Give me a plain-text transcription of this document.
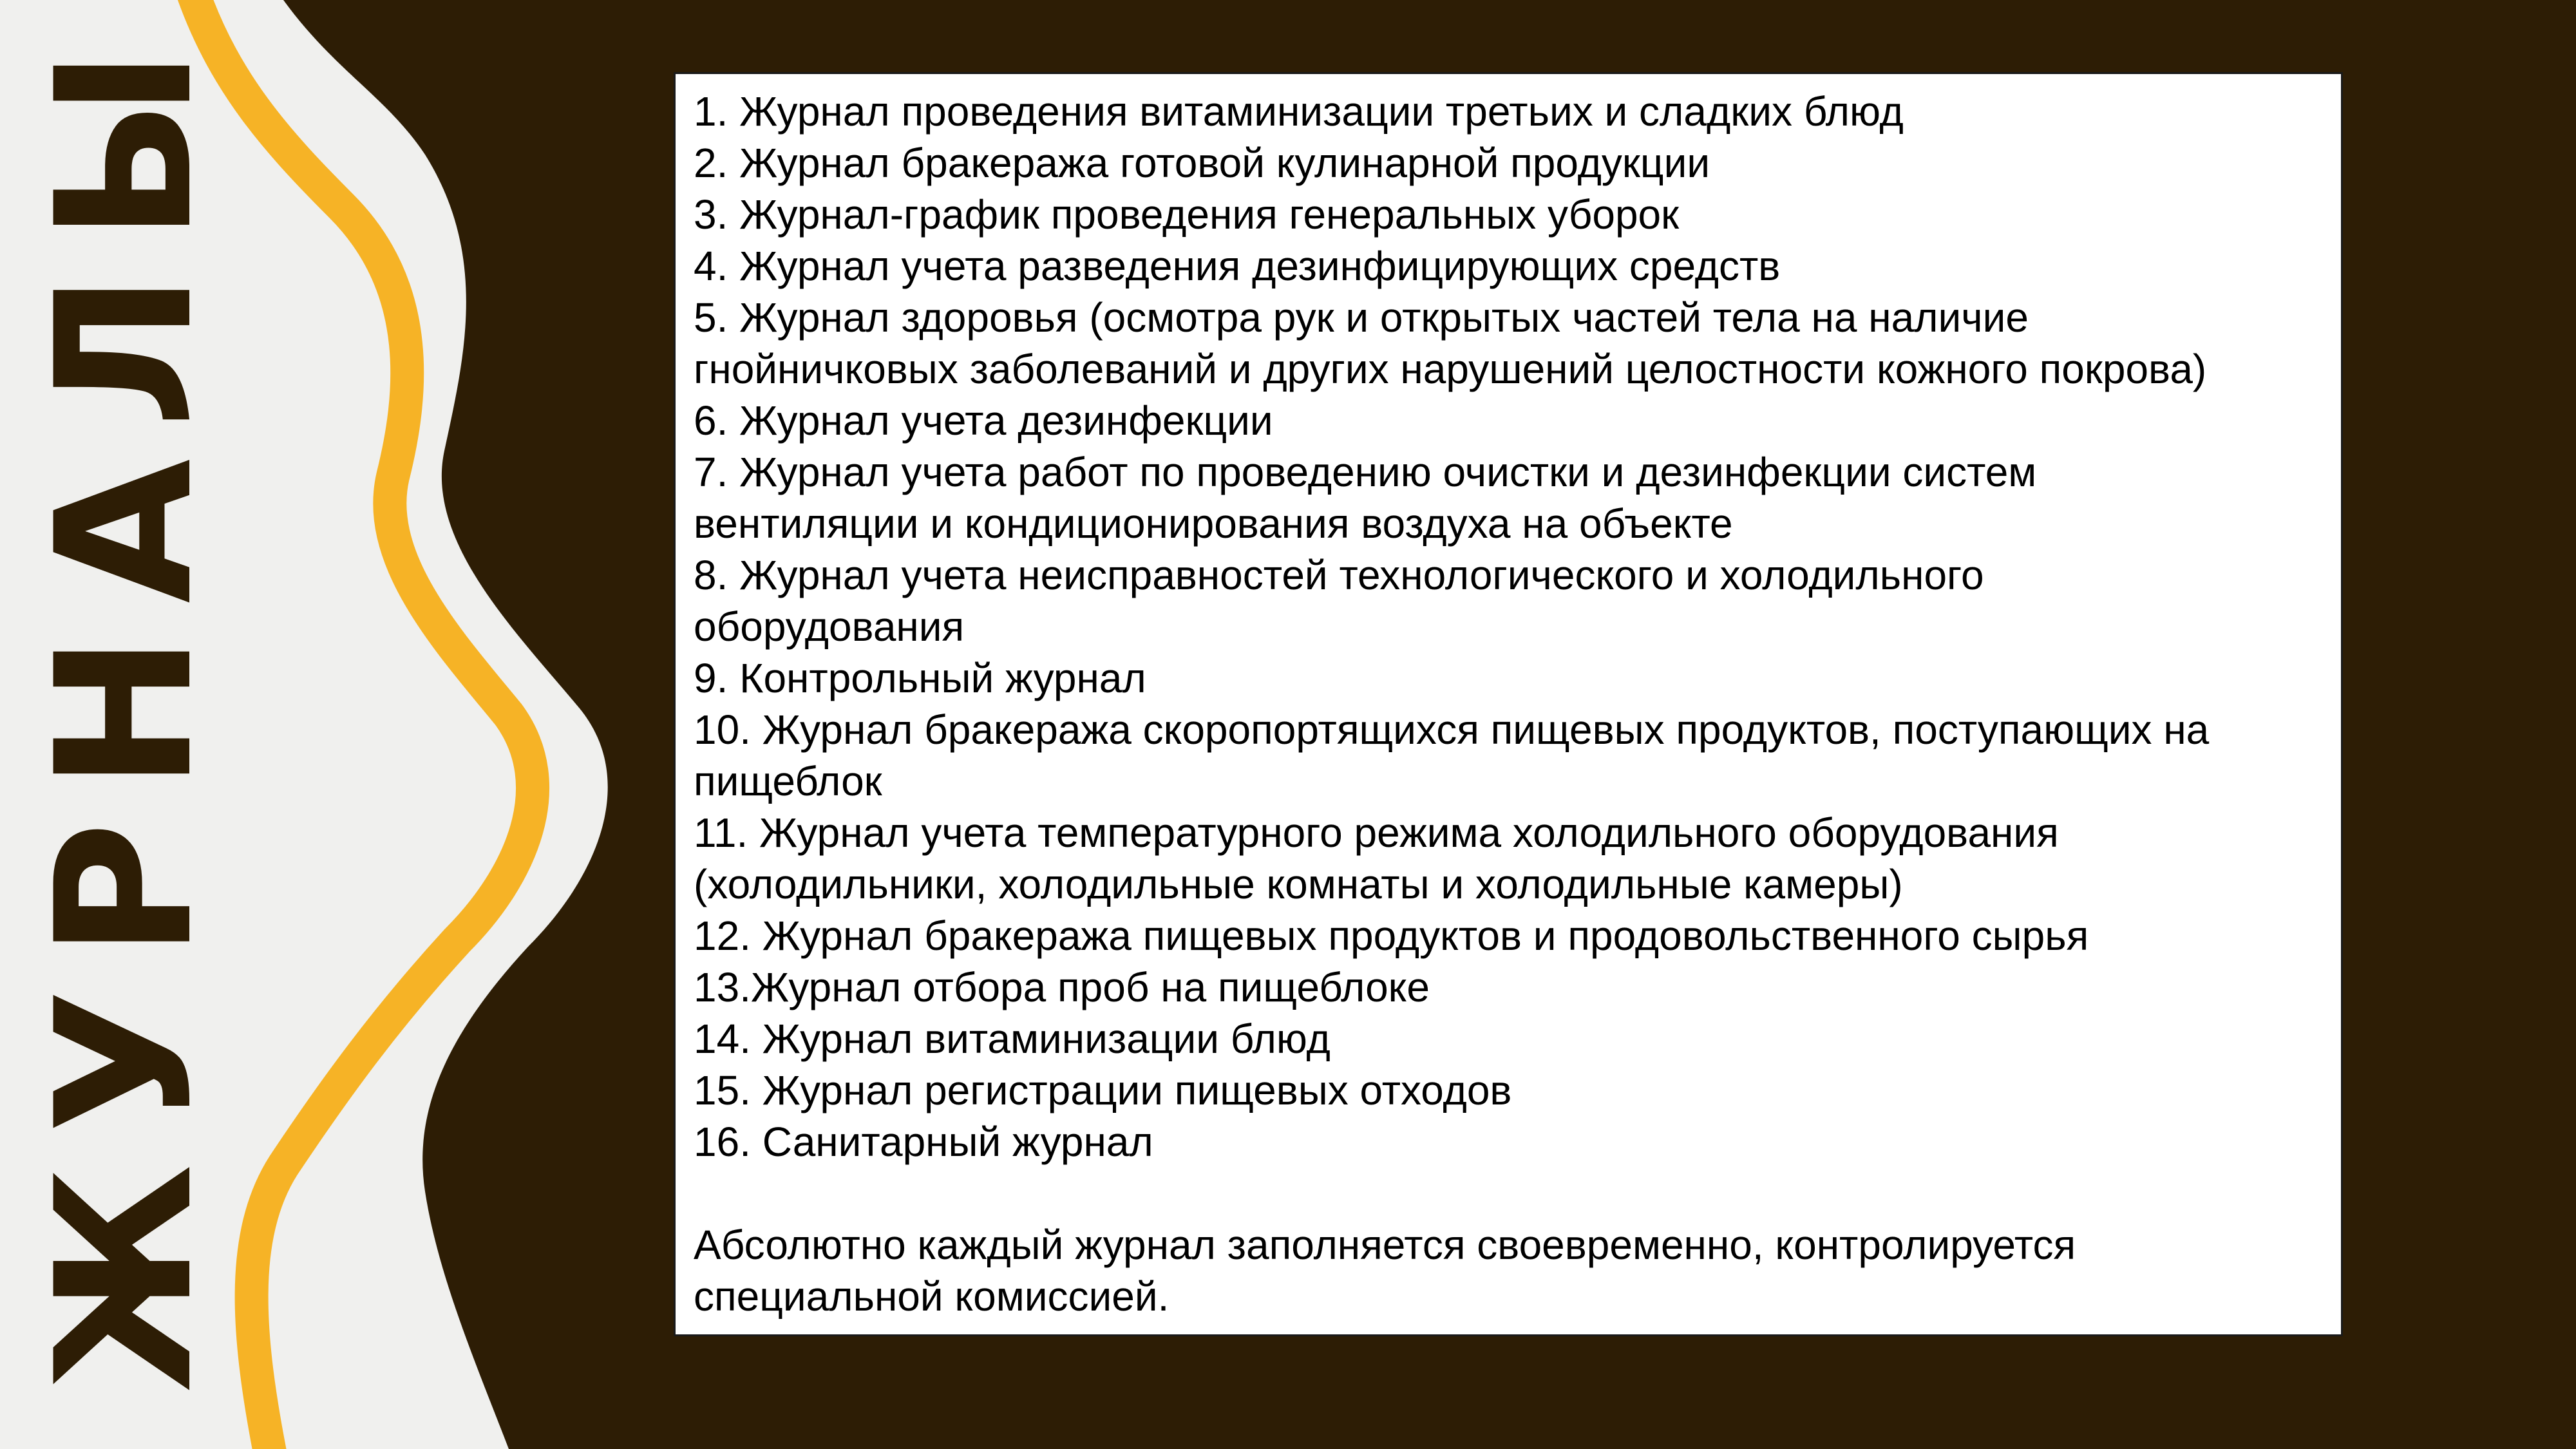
ЖУРНАЛЫ	1. Журнал проведения витаминизации третьих и сладких блюд
2. Журнал бракеража готовой кулинарной продукции
3. Журнал-график проведения генеральных уборок
4. Журнал учета разведения дезинфицирующих средств
5. Журнал здоровья (осмотра рук и открытых частей тела на наличие
гнойничковых заболеваний и других нарушений целостности кожного покрова)
6. Журнал учета дезинфекции
7. Журнал учета работ по проведению очистки и дезинфекции систем
вентиляции и кондиционирования воздуха на объекте
8. Журнал учета неисправностей технологического и холодильного
оборудования
9. Контрольный журнал
10. Журнал бракеража скоропортящихся пищевых продуктов, поступающих на
пищеблок
11. Журнал учета температурного режима холодильного оборудования
(холодильники, холодильные комнаты и холодильные камеры)
12. Журнал бракеража пищевых продуктов и продовольственного сырья
13.Журнал отбора проб на пищеблоке
14. Журнал витаминизации блюд
15. Журнал регистрации пищевых отходов
16. Санитарный журнал
Абсолютно каждый журнал заполняется своевременно, контролируется
специальной комиссией.
